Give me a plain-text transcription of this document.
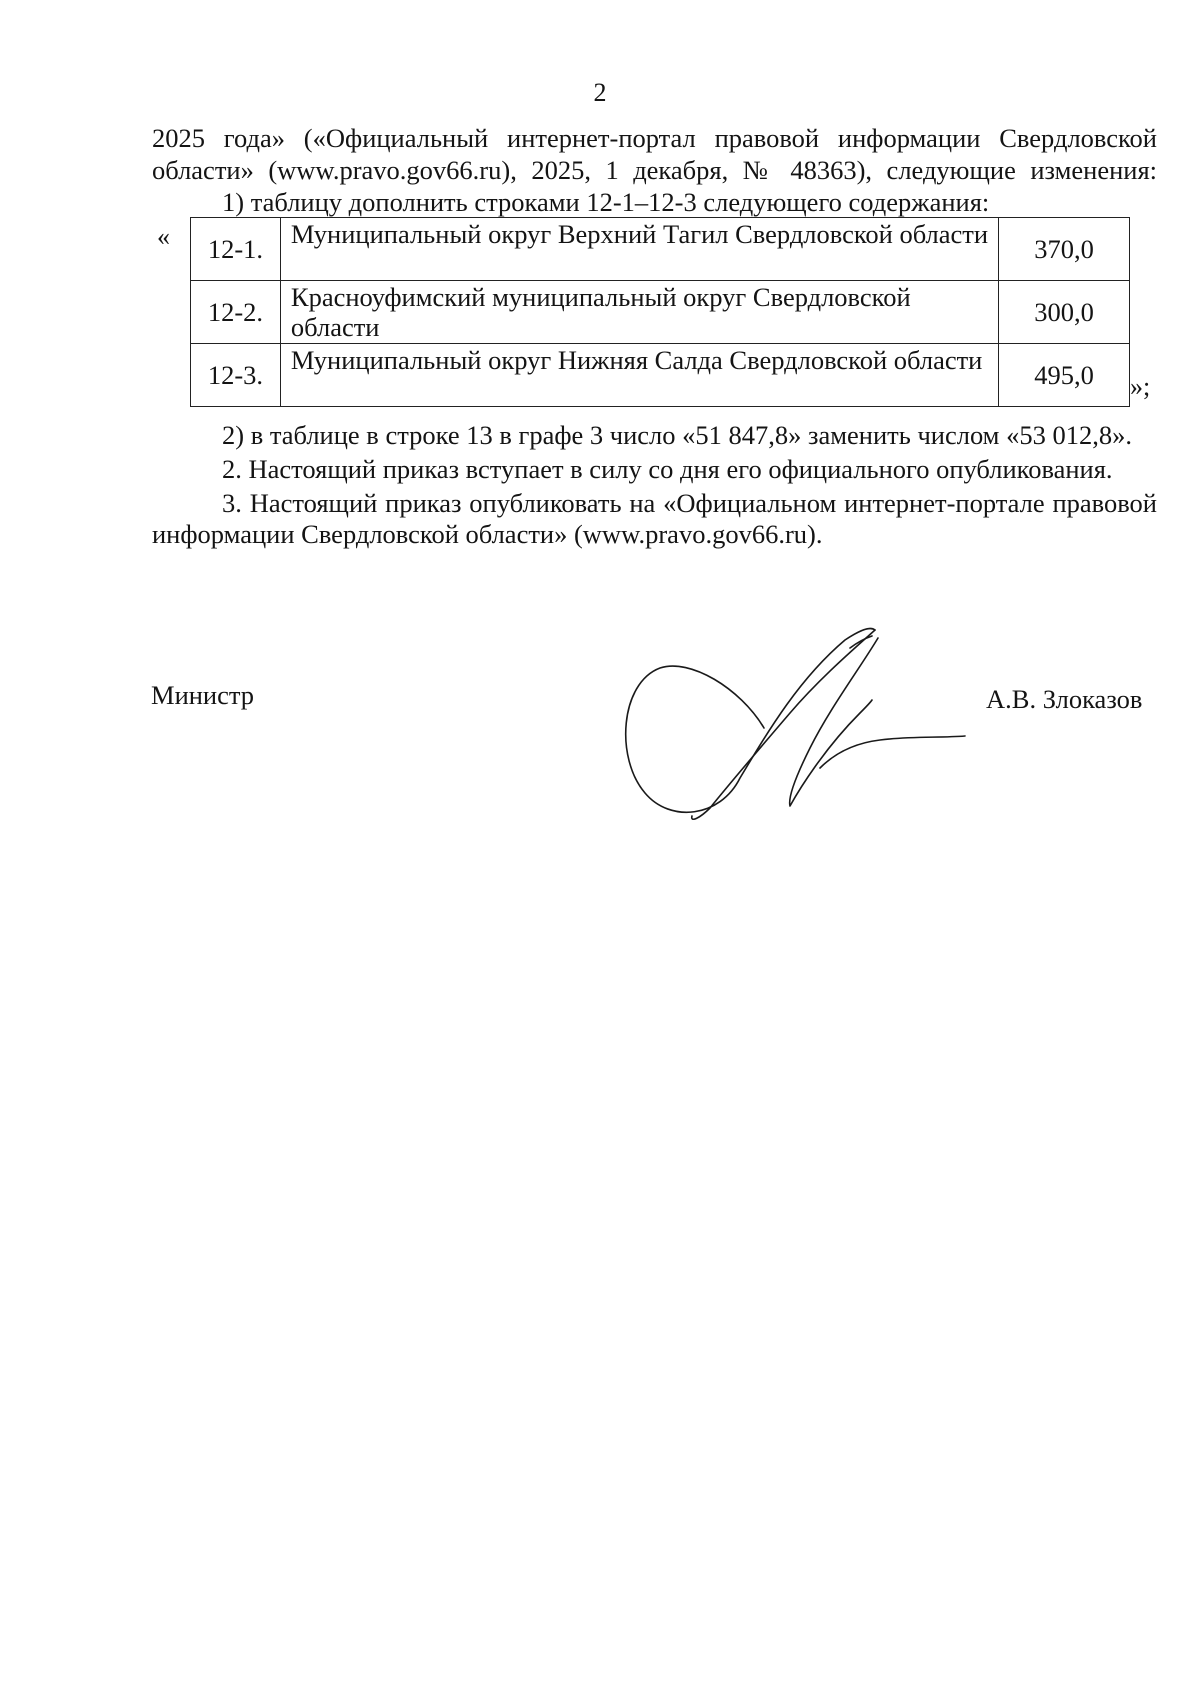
2

2025 года» («Официальный интернет-портал правовой информации Свердловской

области» (www.pravo.gov66.ru), 2025, 1 декабря, № 48363), следующие изменения:

1) таблицу дополнить строками 12-1–12-3 следующего содержания:

« 12-1.	Муниципальный округ Верхний Тагил Свердловской области	370,0
12-2.	Красноуфимский муниципальный округ Свердловской области	300,0
12-3.	Муниципальный округ Нижняя Салда Свердловской области	495,0 »;

2) в таблице в строке 13 в графе 3 число «51 847,8» заменить числом «53 012,8».

2. Настоящий приказ вступает в силу со дня его официального опубликования.

3. Настоящий приказ опубликовать на «Официальном интернет-портале правовой информации Свердловской области» (www.pravo.gov66.ru).

Министр	А.В. Злоказов
